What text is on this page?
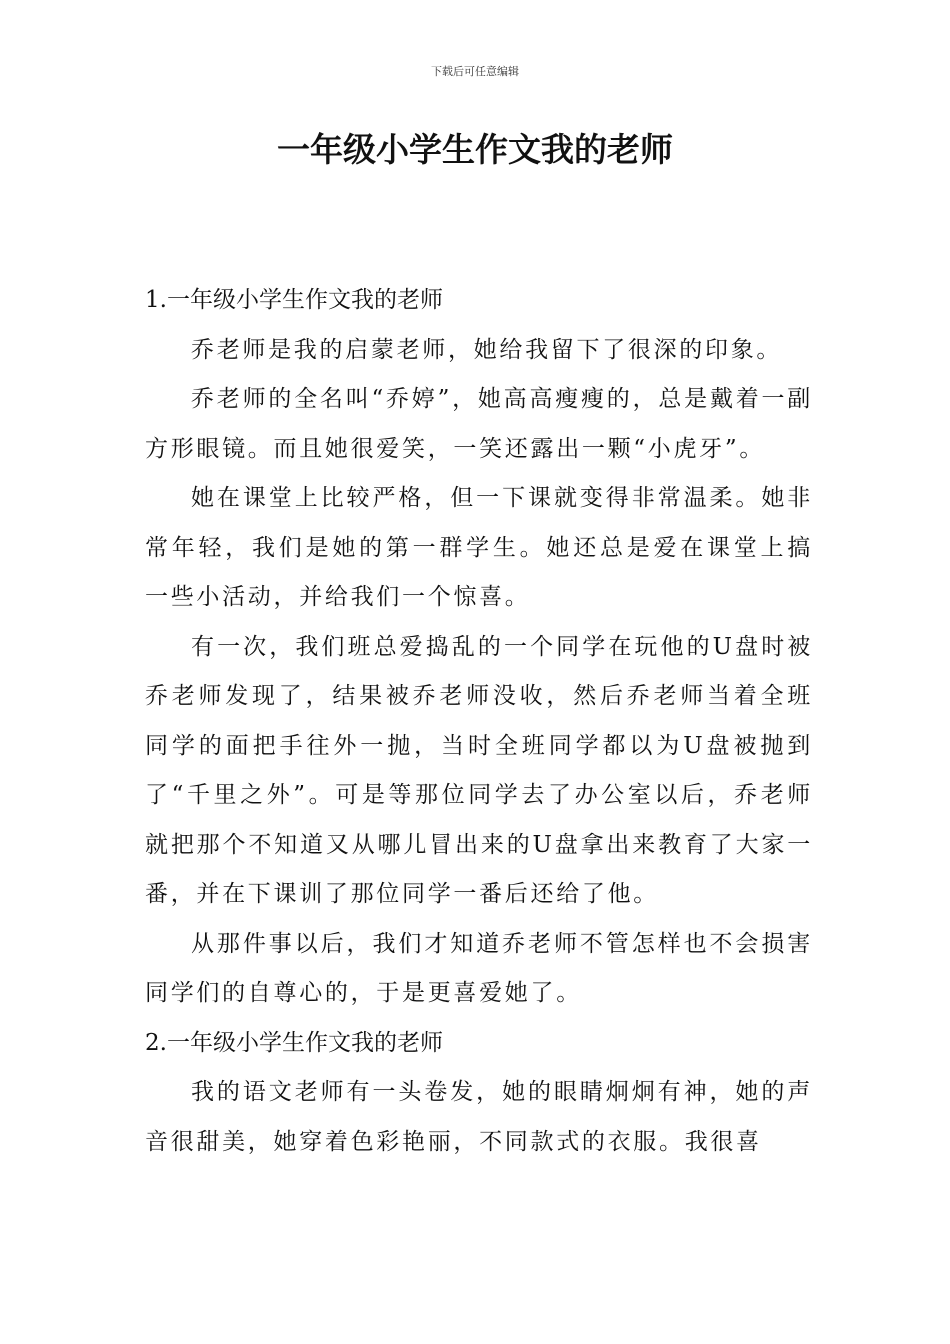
下载后可任意编辑
一年级小学生作文我的老师

1.一年级小学生作文我的老师

乔老师是我的启蒙老师，她给我留下了很深的印象。

乔老师的全名叫“乔婷”，她高高瘦瘦的，总是戴着一副方形眼镜。而且她很爱笑，一笑还露出一颗“小虎牙”。

她在课堂上比较严格，但一下课就变得非常温柔。她非常年轻，我们是她的第一群学生。她还总是爱在课堂上搞一些小活动，并给我们一个惊喜。

有一次，我们班总爱捣乱的一个同学在玩他的U盘时被乔老师发现了，结果被乔老师没收，然后乔老师当着全班同学的面把手往外一抛，当时全班同学都以为U盘被抛到了“千里之外”。可是等那位同学去了办公室以后，乔老师就把那个不知道又从哪儿冒出来的U盘拿出来教育了大家一番，并在下课训了那位同学一番后还给了他。

从那件事以后，我们才知道乔老师不管怎样也不会损害同学们的自尊心的，于是更喜爱她了。

2.一年级小学生作文我的老师

我的语文老师有一头卷发，她的眼睛炯炯有神，她的声音很甜美，她穿着色彩艳丽，不同款式的衣服。我很喜
